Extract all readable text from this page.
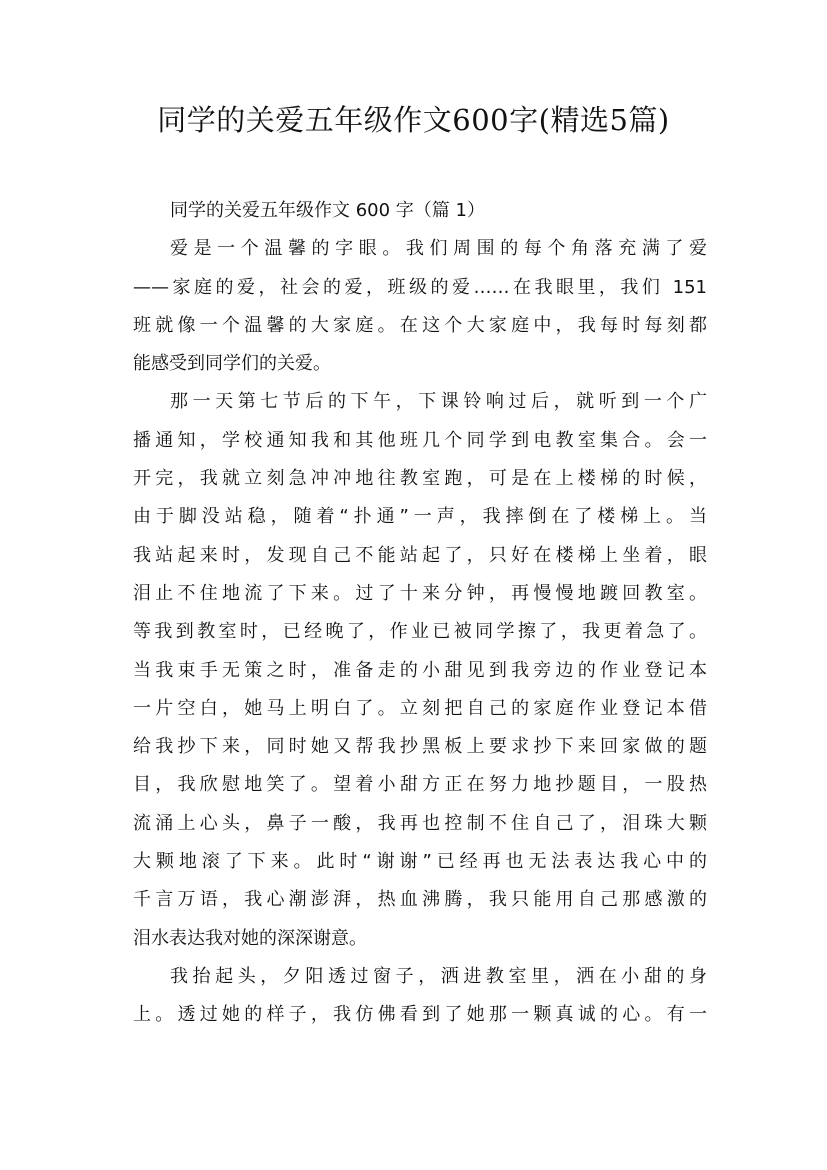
同学的关爱五年级作文600字(精选5篇)
同学的关爱五年级作文 600 字（篇 1）

爱是一个温馨的字眼。我们周围的每个角落充满了爱
——家庭的爱，社会的爱，班级的爱……在我眼里，我们 151
班就像一个温馨的大家庭。在这个大家庭中，我每时每刻都
能感受到同学们的关爱。

那一天第七节后的下午，下课铃响过后，就听到一个广
播通知，学校通知我和其他班几个同学到电教室集合。会一
开完，我就立刻急冲冲地往教室跑，可是在上楼梯的时候，
由于脚没站稳，随着“扑通”一声，我摔倒在了楼梯上。当
我站起来时，发现自己不能站起了，只好在楼梯上坐着，眼
泪止不住地流了下来。过了十来分钟，再慢慢地踱回教室。
等我到教室时，已经晚了，作业已被同学擦了，我更着急了。
当我束手无策之时，准备走的小甜见到我旁边的作业登记本
一片空白，她马上明白了。立刻把自己的家庭作业登记本借
给我抄下来，同时她又帮我抄黑板上要求抄下来回家做的题
目，我欣慰地笑了。望着小甜方正在努力地抄题目，一股热
流涌上心头，鼻子一酸，我再也控制不住自己了，泪珠大颗
大颗地滚了下来。此时“谢谢”已经再也无法表达我心中的
千言万语，我心潮澎湃，热血沸腾，我只能用自己那感激的
泪水表达我对她的深深谢意。

我抬起头，夕阳透过窗子，洒进教室里，洒在小甜的身
上。透过她的样子，我仿佛看到了她那一颗真诚的心。有一
